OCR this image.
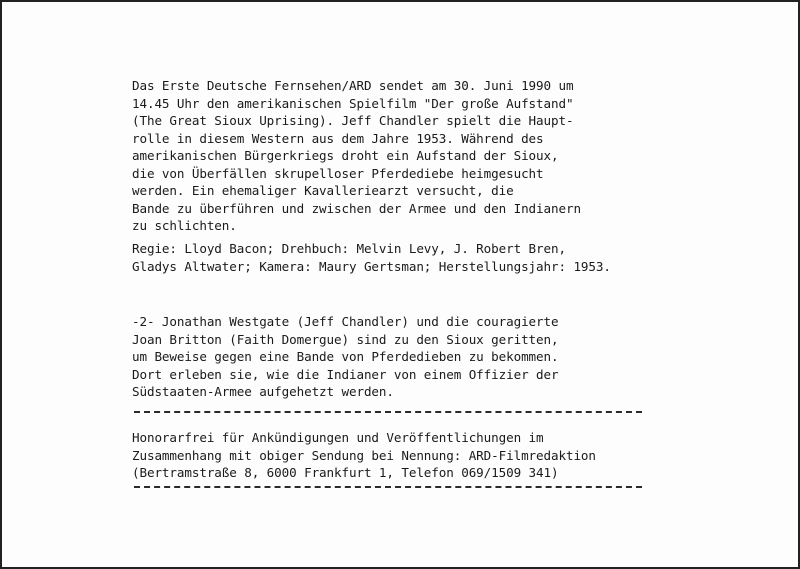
Das Erste Deutsche Fernsehen/ARD sendet am 30. Juni 1990 um
14.45 Uhr den amerikanischen Spielfilm "Der große Aufstand"
(The Great Sioux Uprising). Jeff Chandler spielt die Haupt-
rolle in diesem Western aus dem Jahre 1953. Während des
amerikanischen Bürgerkriegs droht ein Aufstand der Sioux,
die von Überfällen skrupelloser Pferdediebe heimgesucht
werden. Ein ehemaliger Kavalleriearzt versucht, die
Bande zu überführen und zwischen der Armee und den Indianern
zu schlichten.
Regie: Lloyd Bacon; Drehbuch: Melvin Levy, J. Robert Bren,
Gladys Altwater; Kamera: Maury Gertsman; Herstellungsjahr: 1953.
-2- Jonathan Westgate (Jeff Chandler) und die couragierte
Joan Britton (Faith Domergue) sind zu den Sioux geritten,
um Beweise gegen eine Bande von Pferdedieben zu bekommen.
Dort erleben sie, wie die Indianer von einem Offizier der
Südstaaten-Armee aufgehetzt werden.
Honorarfrei für Ankündigungen und Veröffentlichungen im
Zusammenhang mit obiger Sendung bei Nennung: ARD-Filmredaktion
(Bertramstraße 8, 6000 Frankfurt 1, Telefon 069/1509 341)
